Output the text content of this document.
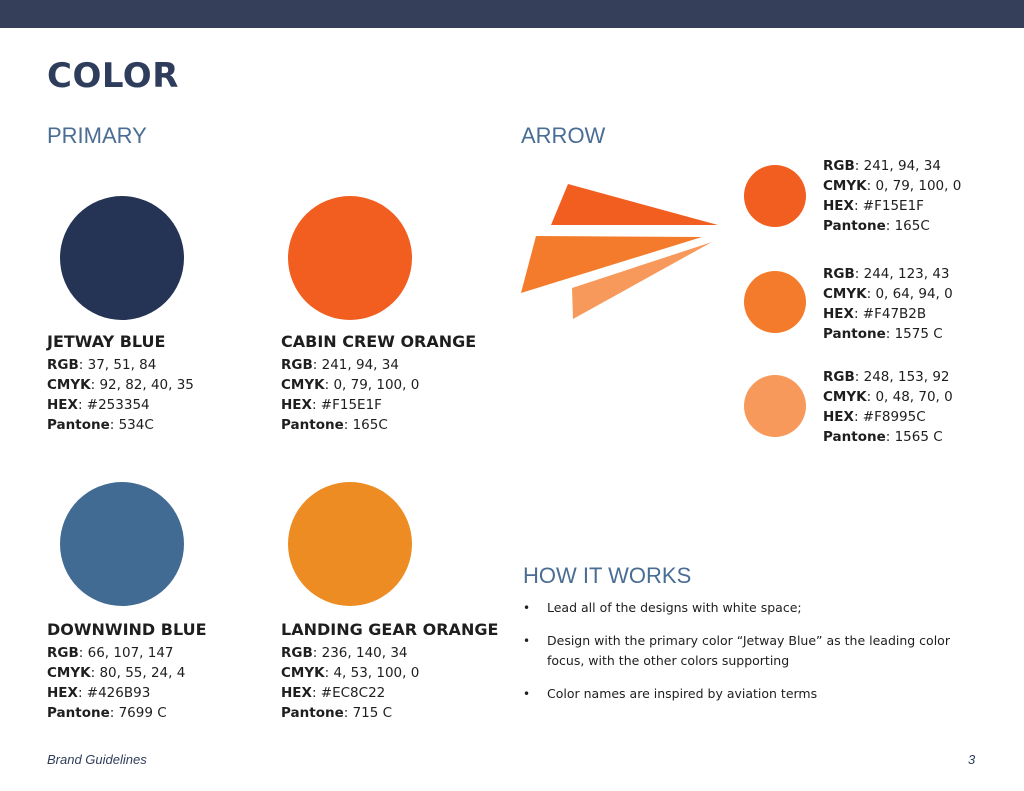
COLOR
PRIMARY	ARROW
HOW IT WORKS
JETWAY BLUE
RGB: 37, 51, 84
CMYK: 92, 82, 40, 35
HEX: #253354
Pantone: 534C
CABIN CREW ORANGE
RGB: 241, 94, 34
CMYK: 0, 79, 100, 0
HEX: #F15E1F
Pantone: 165C
DOWNWIND BLUE
RGB: 66, 107, 147
CMYK: 80, 55, 24, 4
HEX: #426B93
Pantone: 7699 C
LANDING GEAR ORANGE
RGB: 236, 140, 34
CMYK: 4, 53, 100, 0
HEX: #EC8C22
Pantone: 715 C
RGB: 241, 94, 34
CMYK: 0, 79, 100, 0
HEX: #F15E1F
Pantone: 165C
RGB: 244, 123, 43
CMYK: 0, 64, 94, 0
HEX: #F47B2B
Pantone: 1575 C
RGB: 248, 153, 92
CMYK: 0, 48, 70, 0
HEX: #F8995C
Pantone: 1565 C
• Lead all of the designs with white space;
• Design with the primary color “Jetway Blue” as the leading color focus, with the other colors supporting
• Color names are inspired by aviation terms
Brand Guidelines	3
